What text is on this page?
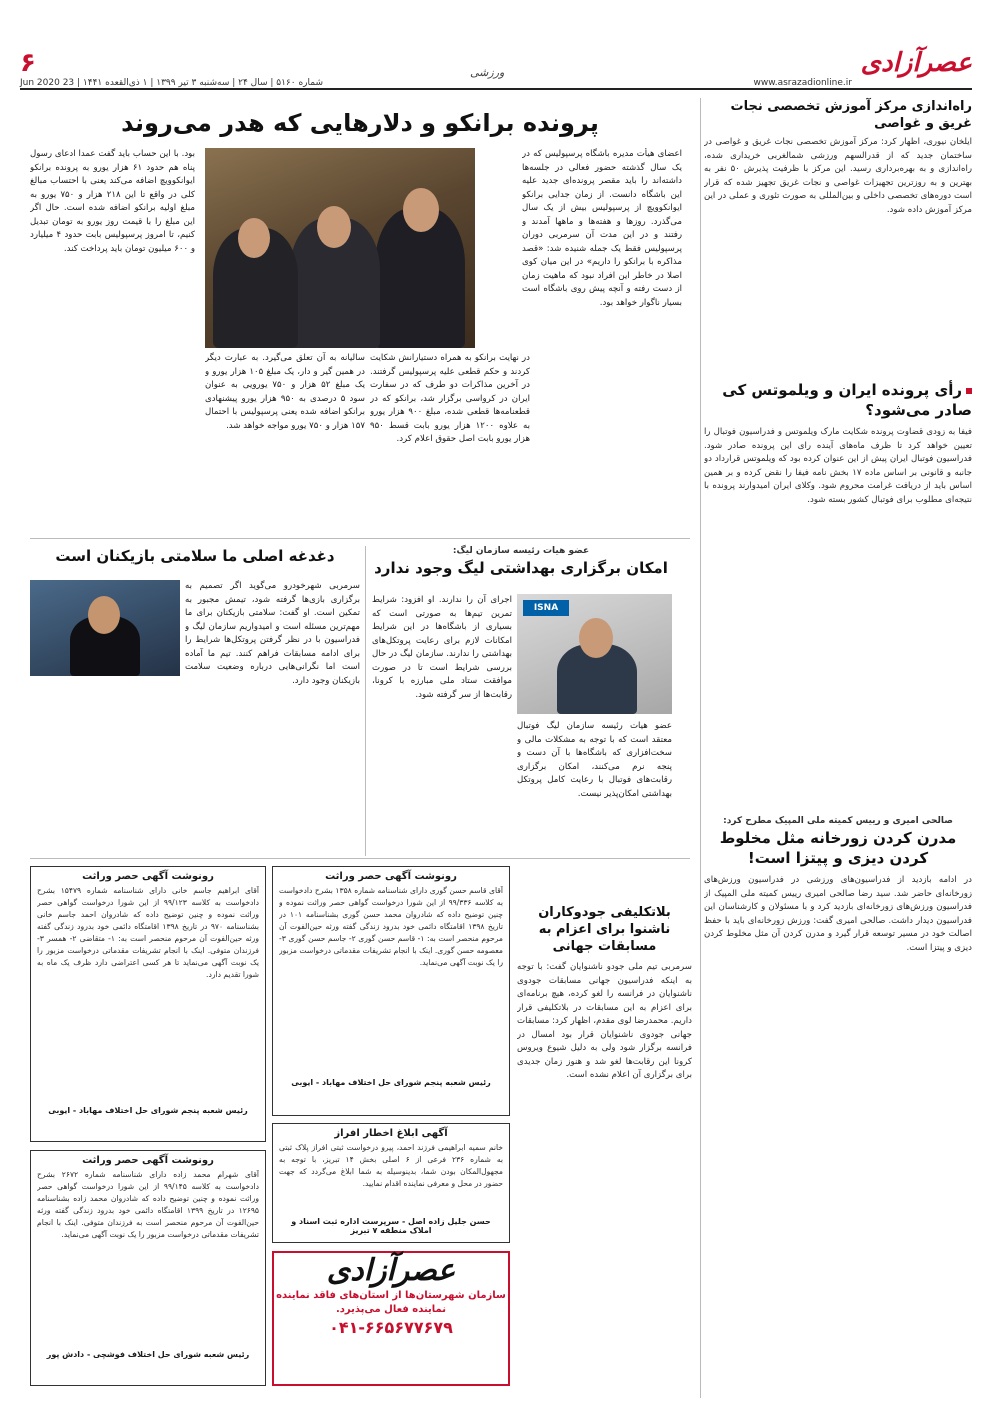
عصرآزادی
www.asrazadionline.ir
ورزشی
شماره ۵۱۶۰ | سال ۲۴ | سه‌شنبه ۳ تیر ۱۳۹۹ | ۱ ذی‌القعده ۱۴۴۱ | 23 Jun 2020
۶
راه‌اندازی مرکز آموزش تخصصی نجات غریق و غواصی

ایلخان نیوری، اظهار کرد: مرکز آموزش تخصصی نجات غریق و غواصی در ساختمان جدید که از قدرالسهم ورزشی شمالغربی خریداری شده، راه‌اندازی و به بهره‌برداری رسید. این مرکز با ظرفیت پذیرش ۵۰ نفر به بهترین و به روزترین تجهیزات غواصی و نجات غریق تجهیز شده که قرار است دوره‌های تخصصی داخلی و بین‌المللی به صورت تئوری و عملی در این مرکز آموزش داده شود.

رأی پرونده ایران و ویلموتس کی صادر می‌شود؟

فیفا به زودی قضاوت پرونده شکایت مارک ویلموتس و فدراسیون فوتبال را تعیین خواهد کرد تا ظرف ماه‌های آینده رای این پرونده صادر شود. فدراسیون فوتبال ایران پیش از این عنوان کرده بود که ویلموتس قرارداد دو جانبه و قانونی بر اساس ماده ۱۷ بخش نامه فیفا را نقض کرده و بر همین اساس باید از دریافت غرامت محروم شود. وکلای ایران امیدوارند پرونده با نتیجه‌ای مطلوب برای فوتبال کشور بسته شود.

صالحی امیری و رییس کمیته ملی المپیک مطرح کرد:
مدرن کردن زورخانه مثل مخلوط کردن دیزی و پیتزا است!

در ادامه بازدید از فدراسیون‌های ورزشی در فدراسیون ورزش‌های زورخانه‌ای حاضر شد. سید رضا صالحی امیری رییس کمیته ملی المپیک از فدراسیون ورزش‌های زورخانه‌ای بازدید کرد و با مسئولان و کارشناسان این فدراسیون دیدار داشت. صالحی امیری گفت: ورزش زورخانه‌ای باید با حفظ اصالت خود در مسیر توسعه قرار گیرد و مدرن کردن آن مثل مخلوط کردن دیزی و پیتزا است.

پرونده برانکو و دلارهایی که هدر می‌روند

اعضای هیأت مدیره باشگاه پرسپولیس که در یک سال گذشته حضور فعالی در جلسه‌ها داشته‌اند را باید مقصر پرونده‌ای جدید علیه این باشگاه دانست. از زمان جدایی برانکو ایوانکوویچ از پرسپولیس بیش از یک سال می‌گذرد. روزها و هفته‌ها و ماهها آمدند و رفتند و در این مدت آن سرمربی دوران پرسپولیس فقط یک جمله شنیده شد: «قصد مذاکره با برانکو را داریم» در این میان کوی اصلا در خاطر این افراد نبود که ماهیت زمان از دست رفته و آنچه پیش روی باشگاه است بسیار ناگوار خواهد بود.

بود. با این حساب باید گفت عمدا ادعای رسول پناه هم حدود ۶۱ هزار یورو به پرونده برانکو ایوانکوویچ اضافه می‌کند یعنی با احتساب مبالغ کلی در واقع تا این ۲۱۸ هزار و ۷۵۰ یورو به مبلغ اولیه برانکو اضافه شده است. حال اگر این مبلغ را با قیمت روز یورو به تومان تبدیل کنیم، تا امروز پرسپولیس بابت حدود ۴ میلیارد و ۶۰۰ میلیون تومان باید پرداخت کند.

در نهایت برانکو به همراه دستیارانش شکایت کردند و حکم قطعی علیه پرسپولیس گرفتند. در آخرین مذاکرات دو طرف که در سفارت ایران در کرواسی برگزار شد، برانکو که در قطعنامه‌ها قطعی شده، مبلغ ۹۰۰ هزار یورو به علاوه ۱۲۰۰ هزار یورو بابت قسط ۹۵۰ هزار یورو بابت اصل حقوق اعلام کرد.

سالیانه به آن تعلق می‌گیرد. به عبارت دیگر در همین گیر و دار، یک مبلغ ۱۰۵ هزار یورو و یک مبلغ ۵۲ هزار و ۷۵۰ یورویی به عنوان سود ۵ درصدی به ۹۵۰ هزار یورو پیشنهادی برانکو اضافه شده یعنی پرسپولیس با احتمال ۱۵۷ هزار و ۷۵۰ یورو مواجه خواهد شد.

عضو هیات رئیسه سازمان لیگ:
امکان برگزاری بهداشتی لیگ وجود ندارد
ISNA

عضو هیات رئیسه سازمان لیگ فوتبال معتقد است که با توجه به مشکلات مالی و سخت‌افزاری که باشگاه‌ها با آن دست و پنجه نرم می‌کنند، امکان برگزاری رقابت‌های فوتبال با رعایت کامل پروتکل بهداشتی امکان‌پذیر نیست.

اجرای آن را ندارند. او افزود: شرایط تمرین تیم‌ها به صورتی است که بسیاری از باشگاه‌ها در این شرایط امکانات لازم برای رعایت پروتکل‌های بهداشتی را ندارند. سازمان لیگ در حال بررسی شرایط است تا در صورت موافقت ستاد ملی مبارزه با کرونا، رقابت‌ها از سر گرفته شود.

دغدغه اصلی ما سلامتی بازیکنان است

سرمربی شهرخودرو می‌گوید اگر تصمیم به برگزاری بازی‌ها گرفته شود، تیمش مجبور به تمکین است. او گفت: سلامتی بازیکنان برای ما مهم‌ترین مسئله است و امیدواریم سازمان لیگ و فدراسیون با در نظر گرفتن پروتکل‌ها شرایط را برای ادامه مسابقات فراهم کنند. تیم ما آماده است اما نگرانی‌هایی درباره وضعیت سلامت بازیکنان وجود دارد.

بلاتکلیفی جودوکاران ناشنوا برای اعزام به مسابقات جهانی

سرمربی تیم ملی جودو ناشنوایان گفت: با توجه به اینکه فدراسیون جهانی مسابقات جودوی ناشنوایان در فرانسه را لغو کرده، هیچ برنامه‌ای برای اعزام به این مسابقات در بلاتکلیفی قرار داریم. محمدرضا لوی مقدم، اظهار کرد: مسابقات جهانی جودوی ناشنوایان قرار بود امسال در فرانسه برگزار شود ولی به دلیل شیوع ویروس کرونا این رقابت‌ها لغو شد و هنوز زمان جدیدی برای برگزاری آن اعلام نشده است.

رونوشت آگهی حصر وراثت
آقای قاسم حسن گوری دارای شناسنامه شماره ۱۳۵۸ بشرح دادخواست به کلاسه ۹۹/۳۳۶ از این شورا درخواست گواهی حصر وراثت نموده و چنین توضیح داده که شادروان محمد حسن گوری بشناسنامه ۱۰۱ در تاریخ ۱۳۹۸ اقامتگاه دائمی خود بدرود زندگی گفته ورثه حین‌الفوت آن مرحوم منحصر است به: ۱- قاسم حسن گوری ۲- جاسم حسن گوری ۳- معصومه حسن گوری. اینک با انجام تشریفات مقدماتی درخواست مزبور را یک نوبت آگهی می‌نماید.
رئیس شعبه پنجم شورای حل اختلاف مهاباد - ایوبی
آگهی ابلاغ اخطار افراز
خانم سمیه ابراهیمی فرزند احمد، پیرو درخواست ثبتی افراز پلاک ثبتی به شماره ۲۳۶ فرعی از ۶ اصلی بخش ۱۴ تبریز، با توجه به مجهول‌المکان بودن شما، بدینوسیله به شما ابلاغ می‌گردد که جهت حضور در محل و معرفی نماینده اقدام نمایید.
حسن جلیل زاده اصل - سرپرست اداره ثبت اسناد و املاک منطقه ۷ تبریز
عصرآزادی
سازمان شهرستان‌ها از استان‌های فاقد نماینده
نماینده فعال می‌پذیرد.
۰۴۱-۶۶۵۶۷۷۶۷۹
رونوشت آگهی حصر وراثت
آقای ابراهیم جاسم خانی دارای شناسنامه شماره ۱۵۴۷۹ بشرح دادخواست به کلاسه ۹۹/۱۲۳ از این شورا درخواست گواهی حصر وراثت نموده و چنین توضیح داده که شادروان احمد جاسم خانی بشناسنامه ۹۷۰ در تاریخ ۱۳۹۸ اقامتگاه دائمی خود بدرود زندگی گفته ورثه حین‌الفوت آن مرحوم منحصر است به: ۱- متقاضی ۲- همسر ۳- فرزندان متوفی. اینک با انجام تشریفات مقدماتی درخواست مزبور را یک نوبت آگهی می‌نماید تا هر کسی اعتراضی دارد ظرف یک ماه به شورا تقدیم دارد.
رئیس شعبه پنجم شورای حل اختلاف مهاباد - ایوبی
رونوشت آگهی حصر وراثت
آقای شهرام محمد زاده دارای شناسنامه شماره ۲۶۷۲ بشرح دادخواست به کلاسه ۹۹/۱۴۵ از این شورا درخواست گواهی حصر وراثت نموده و چنین توضیح داده که شادروان محمد زاده بشناسنامه ۱۲۶۹۵ در تاریخ ۱۳۹۹ اقامتگاه دائمی خود بدرود زندگی گفته ورثه حین‌الفوت آن مرحوم منحصر است به فرزندان متوفی. اینک با انجام تشریفات مقدماتی درخواست مزبور را یک نوبت آگهی می‌نماید.
رئیس شعبه شورای حل اختلاف فوشچی - دادش پور
